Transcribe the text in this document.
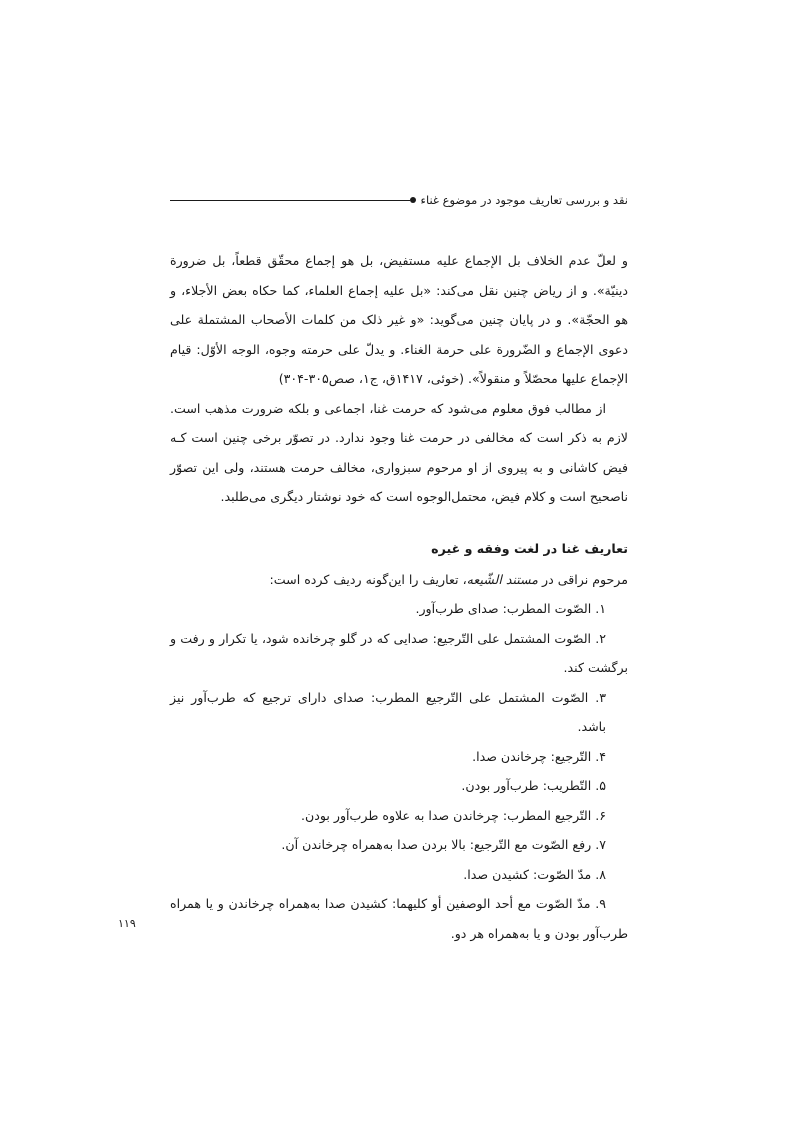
نقد و بررسی تعاریف موجود در موضوع غناء

و لعلّ عدم الخلاف بل الإجماع علیه مستفیض، بل هو إجماع محقّق قطعاً، بل ضرورة دینیّة». و از ریاض چنین نقل می‌کند: «بل علیه إجماع العلماء، کما حکاه بعض الأجلاء، و هو الحجّة». و در پایان چنین می‌گوید: «و غیر ذلک من کلمات الأصحاب المشتملة علی دعوی الإجماع و الضّرورة علی حرمة الغناء. و یدلّ علی حرمته وجوه، الوجه الأوّل: قیام الإجماع علیها محصّلاً و منقولاً». (خوئی، ۱۴۱۷ق، ج۱، صص۳۰۵-۳۰۴)

از مطالب فوق معلوم می‌شود که حرمت غنا، اجماعی و بلکه ضرورت مذهب است. لازم به ذکر است که مخالفی در حرمت غنا وجود ندارد. در تصوّر برخی چنین است کـه فیض کاشانی و به پیروی از او مرحوم سبزواری، مخالف حرمت هستند، ولی این تصوّر ناصحیح است و کلام فیض، محتمل‌الوجوه است که خود نوشتار دیگری می‌طلبد.

تعاریف غنا در لغت وفقه و غیره

مرحوم نراقی در مستند الشّیعه، تعاریف را این‌گونه ردیف کرده است:

۱. الصّوت المطرب: صدای طرب‌آور.
۲. الصّوت المشتمل علی التّرجیع: صدایی که در گلو چرخانده شود، یا تکرار و رفت و برگشت کند.
۳. الصّوت المشتمل علی التّرجیع المطرب: صدای دارای ترجیع که طرب‌آور نیز باشد.
۴. التّرجیع: چرخاندن صدا.
۵. التّطریب: طرب‌آور بودن.
۶. التّرجیع المطرب: چرخاندن صدا به علاوه طرب‌آور بودن.
۷. رفع الصّوت مع التّرجیع: بالا بردن صدا به‌همراه چرخاندن آن.
۸. مدّ الصّوت: کشیدن صدا.
۹. مدّ الصّوت مع أحد الوصفین أو کلیهما: کشیدن صدا به‌همراه چرخاندن و یا همراه طرب‌آور بودن و یا به‌همراه هر دو.
۱۱۹
